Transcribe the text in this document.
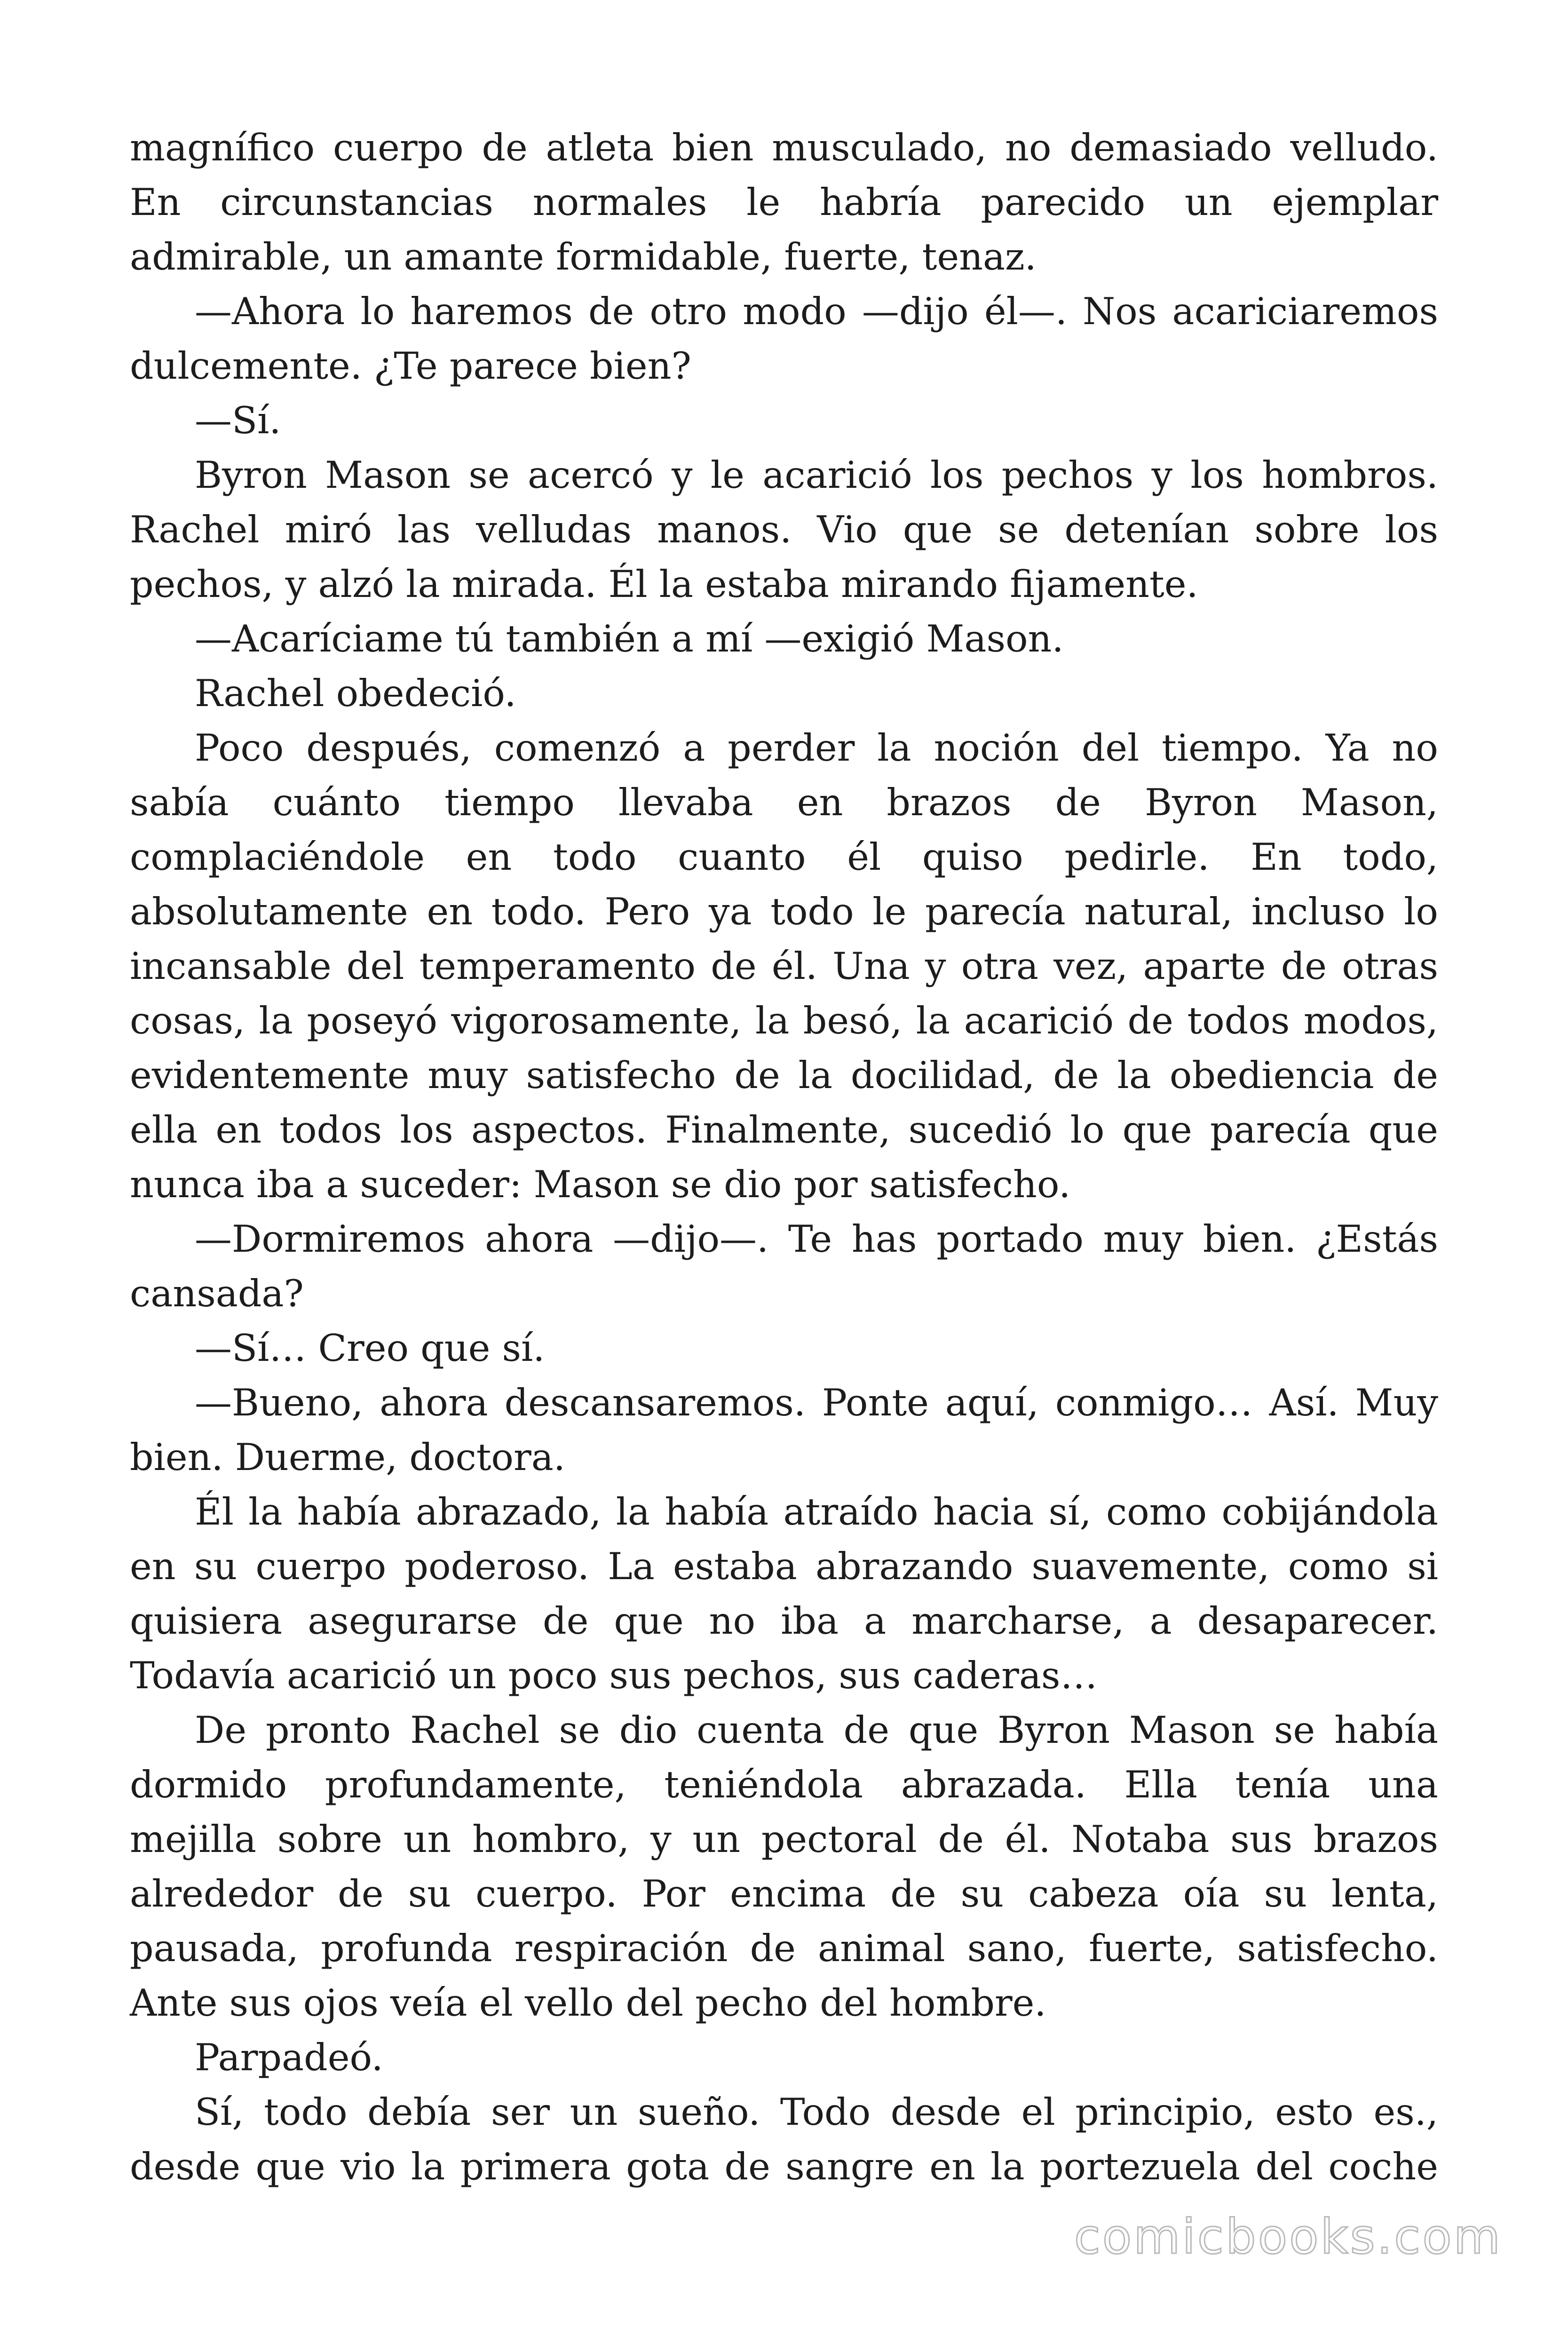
magnífico cuerpo de atleta bien musculado, no demasiado velludo.
En circunstancias normales le habría parecido un ejemplar
admirable, un amante formidable, fuerte, tenaz.
—Ahora lo haremos de otro modo —dijo él—. Nos acariciaremos
dulcemente. ¿Te parece bien?
—Sí.
Byron Mason se acercó y le acarició los pechos y los hombros.
Rachel miró las velludas manos. Vio que se detenían sobre los
pechos, y alzó la mirada. Él la estaba mirando fijamente.
—Acaríciame tú también a mí —exigió Mason.
Rachel obedeció.
Poco después, comenzó a perder la noción del tiempo. Ya no
sabía cuánto tiempo llevaba en brazos de Byron Mason,
complaciéndole en todo cuanto él quiso pedirle. En todo,
absolutamente en todo. Pero ya todo le parecía natural, incluso lo
incansable del temperamento de él. Una y otra vez, aparte de otras
cosas, la poseyó vigorosamente, la besó, la acarició de todos modos,
evidentemente muy satisfecho de la docilidad, de la obediencia de
ella en todos los aspectos. Finalmente, sucedió lo que parecía que
nunca iba a suceder: Mason se dio por satisfecho.
—Dormiremos ahora —dijo—. Te has portado muy bien. ¿Estás
cansada?
—Sí… Creo que sí.
—Bueno, ahora descansaremos. Ponte aquí, conmigo… Así. Muy
bien. Duerme, doctora.
Él la había abrazado, la había atraído hacia sí, como cobijándola
en su cuerpo poderoso. La estaba abrazando suavemente, como si
quisiera asegurarse de que no iba a marcharse, a desaparecer.
Todavía acarició un poco sus pechos, sus caderas…
De pronto Rachel se dio cuenta de que Byron Mason se había
dormido profundamente, teniéndola abrazada. Ella tenía una
mejilla sobre un hombro, y un pectoral de él. Notaba sus brazos
alrededor de su cuerpo. Por encima de su cabeza oía su lenta,
pausada, profunda respiración de animal sano, fuerte, satisfecho.
Ante sus ojos veía el vello del pecho del hombre.
Parpadeó.
Sí, todo debía ser un sueño. Todo desde el principio, esto es.,
desde que vio la primera gota de sangre en la portezuela del coche
comicbooks.com
